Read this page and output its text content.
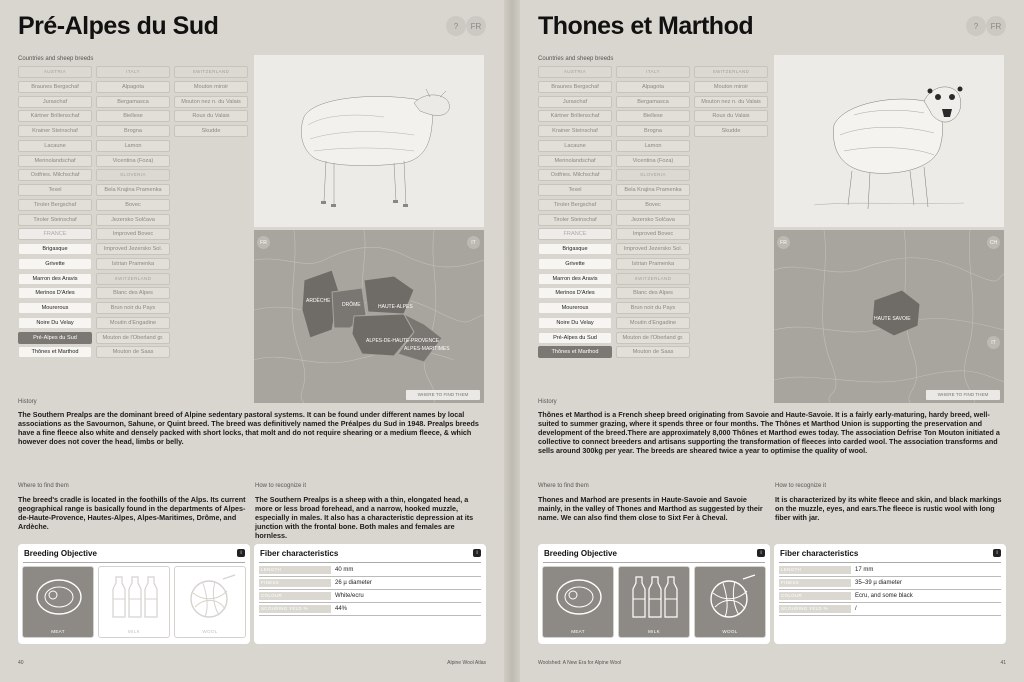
Pré-Alpes du Sud	?	FR
Countries and sheep breeds
AUSTRIA
Braunes Bergschaf
Juraschaf
Kärtner Brillenschaf
Krainer Steinschaf
Lacaune
Merinolandschaf
Ostfries. Milchschaf
Texel
Tiroler Bergschaf
Tiroler Steinschaf
FRANCE
Brigasque
Grivette
Marron des Aravis
Merinos D'Arles
Mourerous
Noire Du Velay
Pré-Alpes du Sud
Thônes et Marthod
ITALY
Alpagota
Bergamasca
Biellese
Brogna
Lamon
Vicentina (Foza)
SLOVENIA
Bela Krajina Pramenka
Bovec
Jezersko Solčava
Improved Bovec
Improved Jezersko Sol.
Istrian Pramenka
SWITZERLAND
Blanc des Alpes
Brun noir du Pays
Moutin d'Engadine
Mouton de l'Oberland gr.
Mouton de Saas
SWITZERLAND
Mouton miroir
Mouton nez n. du Valais
Roux du Valais
Skudde
ARDÈCHE
DRÔME	HAUTE-ALPES
ALPES-DE-HAUTE-PROVENCE
ALPES-MARITIMES
FR	IT
WHERE TO FIND THEM
History
The Southern Prealps are the dominant breed of Alpine sedentary pastoral systems. It can be found under different names by local associations as the Savournon, Sahune, or Quint breed. The breed was definitively named the Préalpes du Sud in 1948. Prealps breeds have a fine fleece also white and densely packed with short locks, that molt and do not require shearing or a medium fleece, & which however does not cover the head, limbs or belly.
Where to find them
The breed's cradle is located in the foothills of the Alps. Its current geographical range is basically found in the departments of Alpes-de-Haute-Provence, Hautes-Alpes, Alpes-Maritimes, Drôme, and Ardèche.
How to recognize it
The Southern Prealps is a sheep with a thin, elongated head, a more or less broad forehead, and a narrow, hooked muzzle, especially in males. It also has a characteristic depression at its junction with the frontal bone. Both males and females are hornless.
Breeding Objective	i
MEAT	MILK	WOOL
Fiber characteristics	i
LENGTH	40 mm
FINESS	26 µ diameter
COLOUR	White/ecru
SCOURING YELD %	44%
40	Alpine Wool Atlas
Thones et Marthod	?	FR
Countries and sheep breeds
AUSTRIA
Braunes Bergschaf
Juraschaf
Kärtner Brillenschaf
Krainer Steinschaf
Lacaune
Merinolandschaf
Ostfries. Milchschaf
Texel
Tiroler Bergschaf
Tiroler Steinschaf
FRANCE
Brigasque
Grivette
Marron des Aravis
Merinos D'Arles
Mourerous
Noire Du Velay
Pré-Alpes du Sud
Thônes et Marthod
ITALY
Alpagota
Bergamasca
Biellese
Brogna
Lamon
Vicentina (Foza)
SLOVENIA
Bela Krajina Pramenka
Bovec
Jezersko Solčava
Improved Bovec
Improved Jezersko Sol.
Istrian Pramenka
SWITZERLAND
Blanc des Alpes
Brun noir du Pays
Moutin d'Engadine
Mouton de l'Oberland gr.
Mouton de Saas
SWITZERLAND
Mouton miroir
Mouton nez n. du Valais
Roux du Valais
Skudde
HAUTE SAVOIE
FR	CH
IT
WHERE TO FIND THEM
History
Thônes et Marthod is a French sheep breed originating from Savoie and Haute-Savoie. It is a fairly early-maturing, hardy breed, well-suited to summer grazing, where it spends three or four months. The Thônes et Marthod Union is supporting the preservation and development of the breed.There are approximately 8,000 Thônes et Marthod ewes today. The association Defrise Ton Mouton initiated a collective to connect breeders and artisans supporting the transformation of fleeces into carded wool. The association transforms and sells around 300kg per year. The breeds are sheared twice a year to optimise the quality of wool.
Where to find them
Thones and Marhod are presents in Haute-Savoie and Savoie mainly, in the valley of Thones and Marthod as suggested by their name. We can also find them close to Sixt Fer à Cheval.
How to recognize it
It is characterized by its white fleece and skin, and black markings on the muzzle, eyes, and ears.The fleece is rustic wool with long fiber with jar.
Breeding Objective	i
MEAT	MILK	WOOL
Fiber characteristics	i
LENGTH	17 mm
FINESS	35–39 µ diameter
COLOUR	Ecru, and some black
SCOURING YELD %	/
Woolshed: A New Era for Alpine Wool	41
